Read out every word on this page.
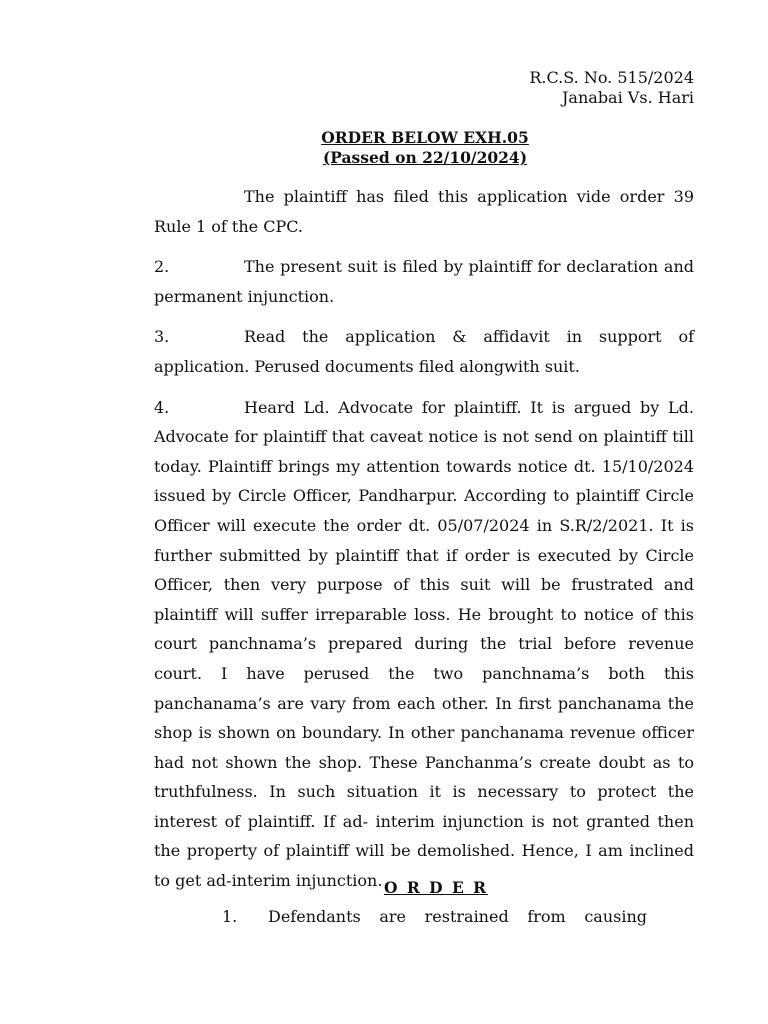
R.C.S. No. 515/2024
Janabai Vs. Hari
ORDER BELOW EXH.05
(Passed on 22/10/2024)

The plaintiff has filed this application vide order 39 Rule 1 of the CPC.

2.	The present suit is filed by plaintiff for declaration and permanent injunction.

3.	Read the application & affidavit in support of application. Perused documents filed alongwith suit.

4.	Heard Ld. Advocate for plaintiff. It is argued by Ld. Advocate for plaintiff that caveat notice is not send on plaintiff till today. Plaintiff brings my attention towards notice dt. 15/10/2024 issued by Circle Officer, Pandharpur. According to plaintiff Circle Officer will execute the order dt. 05/07/2024 in S.R/2/2021. It is further submitted by plaintiff that if order is executed by Circle Officer, then very purpose of this suit will be frustrated and plaintiff will suffer irreparable loss. He brought to notice of this court panchnama’s prepared during the trial before revenue court. I have perused the two panchnama’s both this panchanama’s are vary from each other. In first panchanama the shop is shown on boundary. In other panchanama revenue officer had not shown the shop. These Panchanma’s create doubt as to truthfulness. In such situation it is necessary to protect the interest of plaintiff. If ad- interim injunction is not granted then the property of plaintiff will be demolished. Hence, I am inclined to get ad-interim injunction. O R D E R
1.	Defendants are restrained from causing
